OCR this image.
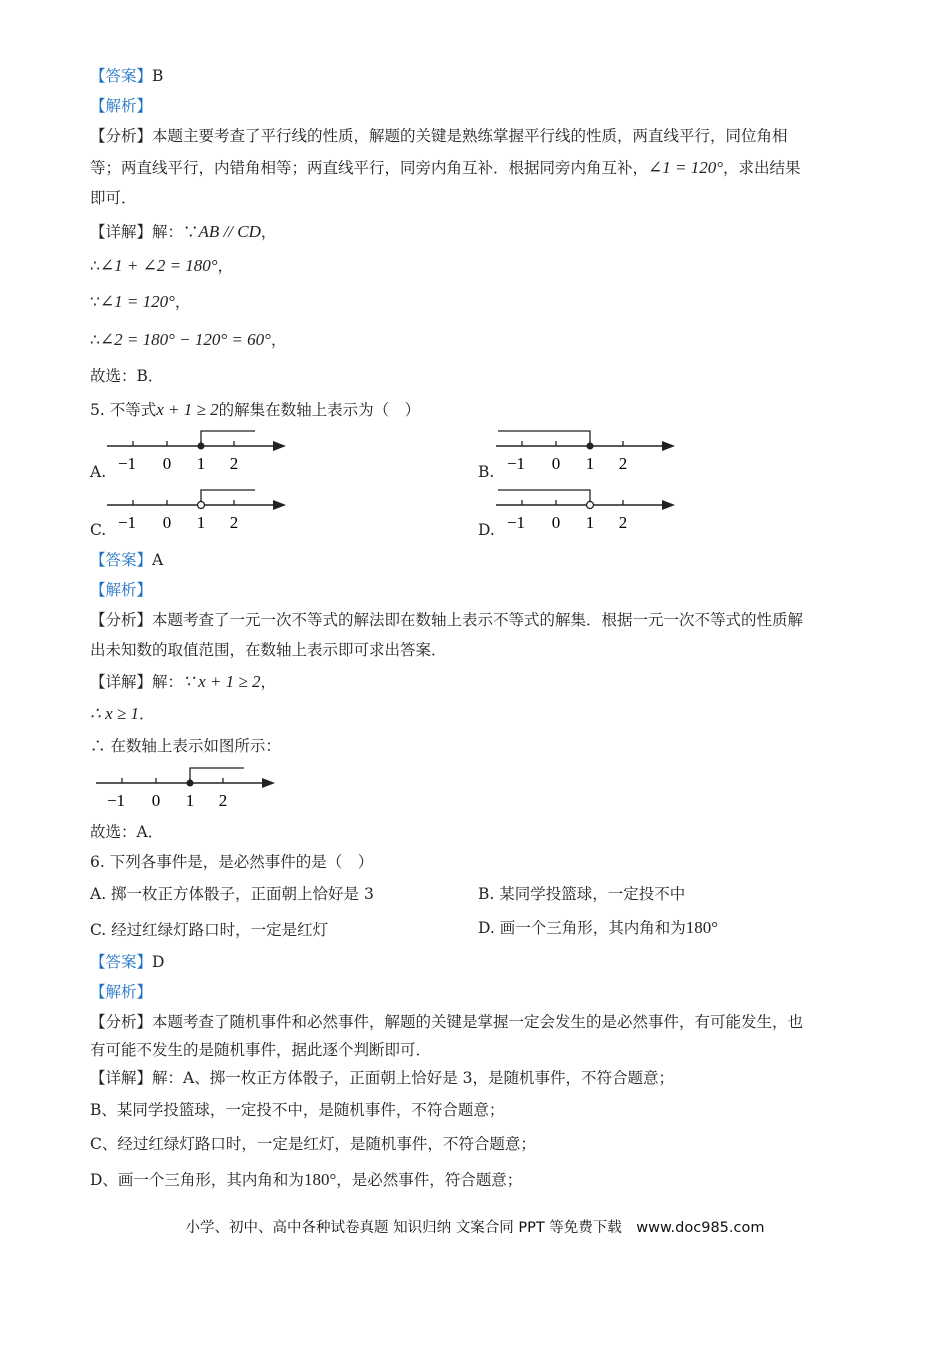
【答案】B
【解析】
【分析】本题主要考查了平行线的性质，解题的关键是熟练掌握平行线的性质，两直线平行，同位角相
等；两直线平行，内错角相等；两直线平行，同旁内角互补．根据同旁内角互补，∠1 = 120°，求出结果
即可．
【详解】解：∵AB // CD，
∴∠1 + ∠2 = 180°，
∵∠1 = 120°，
∴∠2 = 180° − 120° = 60°，
故选：B．
5. 不等式x + 1 ≥ 2的解集在数轴上表示为（　）
A. −1 0 1 2	B. −1 0 1 2
C. −1 0 1 2	D. −1 0 1 2
【答案】A
【解析】
【分析】本题考查了一元一次不等式的解法即在数轴上表示不等式的解集．根据一元一次不等式的性质解
出未知数的取值范围，在数轴上表示即可求出答案．
【详解】解：∵ x + 1 ≥ 2，
∴ x ≥ 1．
∴ 在数轴上表示如图所示：
−1 0 1 2
故选：A．
6. 下列各事件是，是必然事件的是（　）
A. 掷一枚正方体骰子，正面朝上恰好是 3	B. 某同学投篮球，一定投不中
C. 经过红绿灯路口时，一定是红灯	D. 画一个三角形，其内角和为180°
【答案】D
【解析】
【分析】本题考查了随机事件和必然事件，解题的关键是掌握一定会发生的是必然事件，有可能发生，也
有可能不发生的是随机事件，据此逐个判断即可．
【详解】解：A、掷一枚正方体骰子，正面朝上恰好是 3，是随机事件，不符合题意；
B、某同学投篮球，一定投不中，是随机事件，不符合题意；
C、经过红绿灯路口时，一定是红灯，是随机事件，不符合题意；
D、画一个三角形，其内角和为180°，是必然事件，符合题意；
小学、初中、高中各种试卷真题 知识归纳 文案合同 PPT 等免费下载　www.doc985.com
